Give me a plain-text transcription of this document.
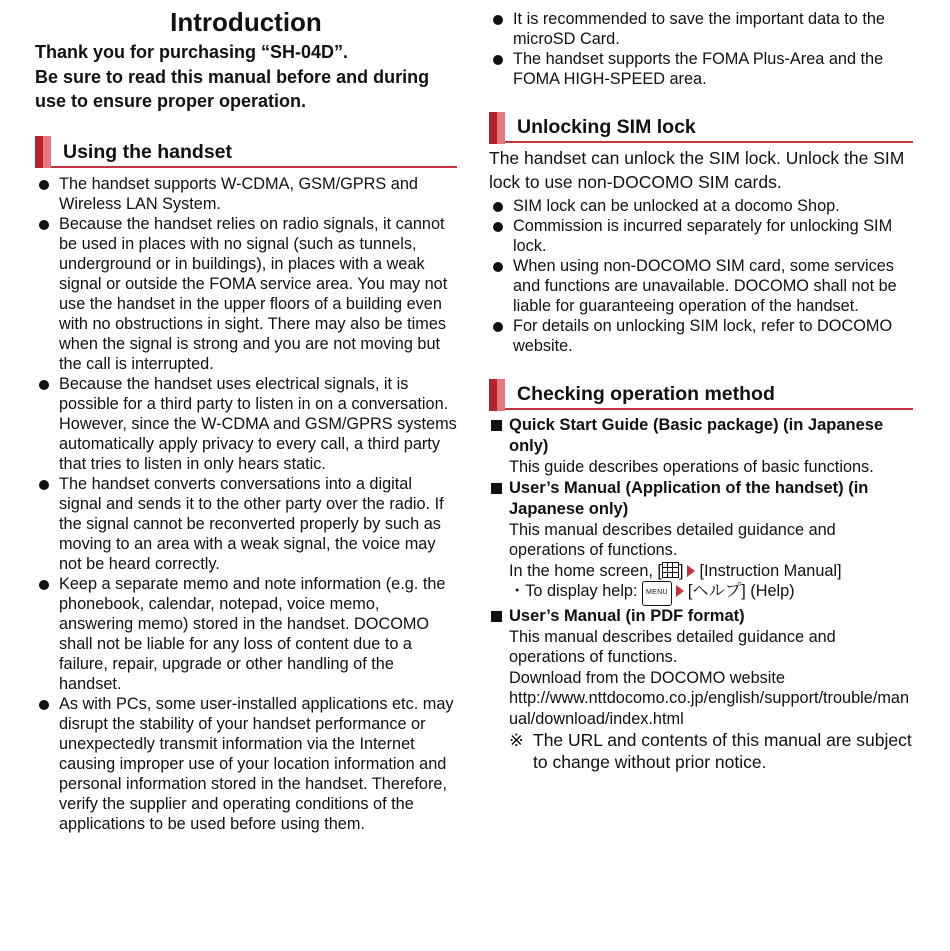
Introduction
Thank you for purchasing “SH-04D”.
Be sure to read this manual before and during use to ensure proper operation.
Using the handset
The handset supports W-CDMA, GSM/GPRS and Wireless LAN System.
Because the handset relies on radio signals, it cannot be used in places with no signal (such as tunnels, underground or in buildings), in places with a weak signal or outside the FOMA service area. You may not use the handset in the upper floors of a building even with no obstructions in sight. There may also be times when the signal is strong and you are not moving but the call is interrupted.
Because the handset uses electrical signals, it is possible for a third party to listen in on a conversation. However, since the W-CDMA and GSM/GPRS systems automatically apply privacy to every call, a third party that tries to listen in only hears static.
The handset converts conversations into a digital signal and sends it to the other party over the radio. If the signal cannot be reconverted properly by such as moving to an area with a weak signal, the voice may not be heard correctly.
Keep a separate memo and note information (e.g. the phonebook, calendar, notepad, voice memo, answering memo) stored in the handset. DOCOMO shall not be liable for any loss of content due to a failure, repair, upgrade or other handling of the handset.
As with PCs, some user-installed applications etc. may disrupt the stability of your handset performance or unexpectedly transmit information via the Internet causing improper use of your location information and personal information stored in the handset. Therefore, verify the supplier and operating conditions of the applications to be used before using them.
It is recommended to save the important data to the microSD Card.
The handset supports the FOMA Plus-Area and the FOMA HIGH-SPEED area.
Unlocking SIM lock
The handset can unlock the SIM lock. Unlock the SIM lock to use non-DOCOMO SIM cards.
SIM lock can be unlocked at a docomo Shop.
Commission is incurred separately for unlocking SIM lock.
When using non-DOCOMO SIM card, some services and functions are unavailable. DOCOMO shall not be liable for guaranteeing operation of the handset.
For details on unlocking SIM lock, refer to DOCOMO website.
Checking operation method
Quick Start Guide (Basic package) (in Japanese only)
This guide describes operations of basic functions.
User’s Manual (Application of the handset) (in Japanese only)
This manual describes detailed guidance and operations of functions.
In the home screen, [ ] [Instruction Manual]
・To display help: MENU [ヘルプ] (Help)
User’s Manual (in PDF format)
This manual describes detailed guidance and operations of functions.
Download from the DOCOMO website
http://www.nttdocomo.co.jp/english/support/trouble/manual/download/index.html
※ The URL and contents of this manual are subject to change without prior notice.
